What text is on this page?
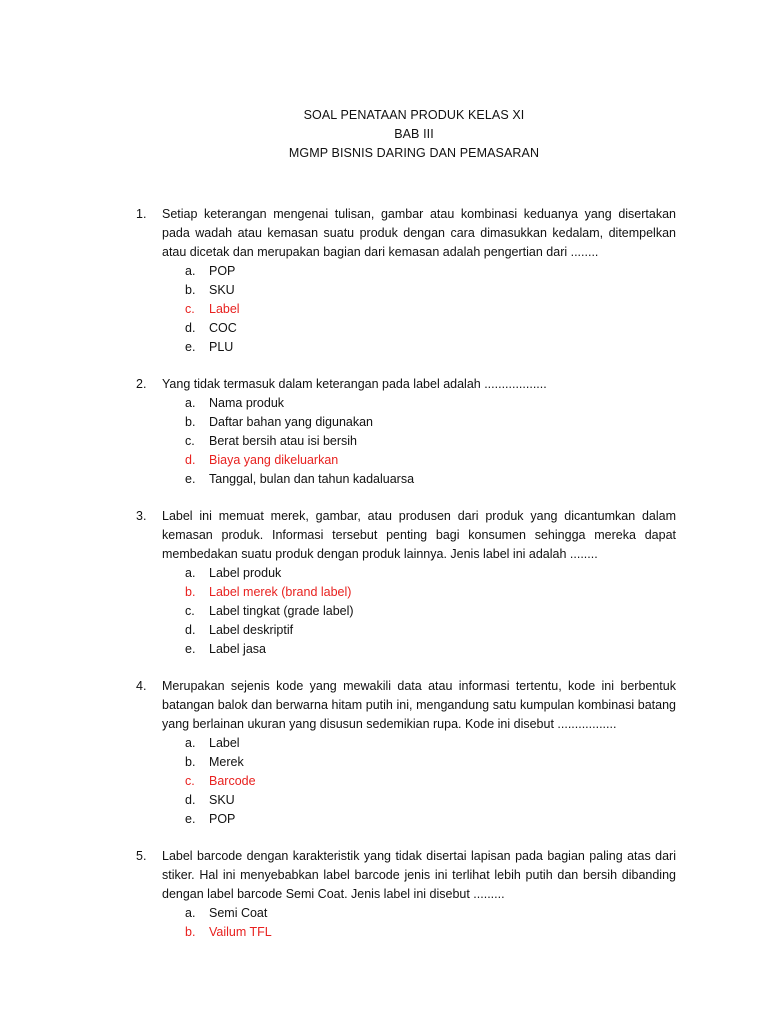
SOAL PENATAAN PRODUK KELAS XI
BAB III
MGMP BISNIS DARING DAN PEMASARAN
1. Setiap keterangan mengenai tulisan, gambar atau kombinasi keduanya yang disertakan pada wadah atau kemasan suatu produk dengan cara dimasukkan kedalam, ditempelkan atau dicetak dan merupakan bagian dari kemasan adalah pengertian dari ........
a.	POP
b.	SKU
c.	Label
d.	COC
e.	PLU
2. Yang tidak termasuk dalam keterangan pada label adalah ..................
a.	Nama produk
b.	Daftar bahan yang digunakan
c.	Berat bersih atau isi bersih
d.	Biaya yang dikeluarkan
e.	Tanggal, bulan dan tahun kadaluarsa
3. Label ini memuat merek, gambar, atau produsen dari produk yang dicantumkan dalam kemasan produk. Informasi tersebut penting bagi konsumen sehingga mereka dapat membedakan suatu produk dengan produk lainnya. Jenis label ini adalah ........
a.	Label produk
b.	Label merek (brand label)
c.	Label tingkat (grade label)
d.	Label deskriptif
e.	Label jasa
4. Merupakan sejenis kode yang mewakili data atau informasi tertentu, kode ini berbentuk batangan balok dan berwarna hitam putih ini, mengandung satu kumpulan kombinasi batang yang berlainan ukuran yang disusun sedemikian rupa. Kode ini disebut .................
a.	Label
b.	Merek
c.	Barcode
d.	SKU
e.	POP
5. Label barcode dengan karakteristik yang tidak disertai lapisan pada bagian paling atas dari stiker. Hal ini menyebabkan label barcode jenis ini terlihat lebih putih dan bersih dibanding dengan label barcode Semi Coat. Jenis label ini disebut .........
a.	Semi Coat
b.	Vailum TFL
